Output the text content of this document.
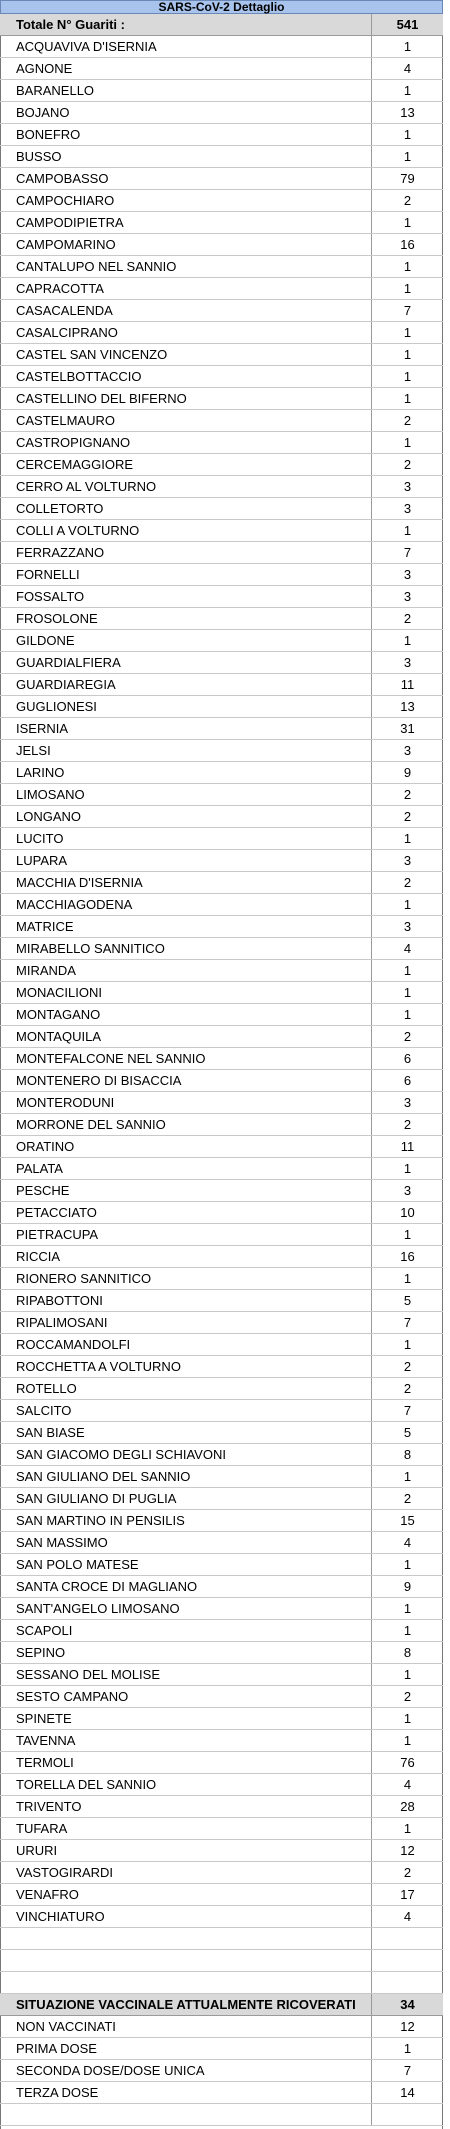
SARS-CoV-2 Dettaglio
Totale N° Guariti :	541
ACQUAVIVA D'ISERNIA	1
AGNONE	4
BARANELLO	1
BOJANO	13
BONEFRO	1
BUSSO	1
CAMPOBASSO	79
CAMPOCHIARO	2
CAMPODIPIETRA	1
CAMPOMARINO	16
CANTALUPO NEL SANNIO	1
CAPRACOTTA	1
CASACALENDA	7
CASALCIPRANO	1
CASTEL SAN VINCENZO	1
CASTELBOTTACCIO	1
CASTELLINO DEL BIFERNO	1
CASTELMAURO	2
CASTROPIGNANO	1
CERCEMAGGIORE	2
CERRO AL VOLTURNO	3
COLLETORTO	3
COLLI A VOLTURNO	1
FERRAZZANO	7
FORNELLI	3
FOSSALTO	3
FROSOLONE	2
GILDONE	1
GUARDIALFIERA	3
GUARDIAREGIA	11
GUGLIONESI	13
ISERNIA	31
JELSI	3
LARINO	9
LIMOSANO	2
LONGANO	2
LUCITO	1
LUPARA	3
MACCHIA D'ISERNIA	2
MACCHIAGODENA	1
MATRICE	3
MIRABELLO SANNITICO	4
MIRANDA	1
MONACILIONI	1
MONTAGANO	1
MONTAQUILA	2
MONTEFALCONE NEL SANNIO	6
MONTENERO DI BISACCIA	6
MONTERODUNI	3
MORRONE DEL SANNIO	2
ORATINO	11
PALATA	1
PESCHE	3
PETACCIATO	10
PIETRACUPA	1
RICCIA	16
RIONERO SANNITICO	1
RIPABOTTONI	5
RIPALIMOSANI	7
ROCCAMANDOLFI	1
ROCCHETTA A VOLTURNO	2
ROTELLO	2
SALCITO	7
SAN BIASE	5
SAN GIACOMO DEGLI SCHIAVONI	8
SAN GIULIANO DEL SANNIO	1
SAN GIULIANO DI PUGLIA	2
SAN MARTINO IN PENSILIS	15
SAN MASSIMO	4
SAN POLO MATESE	1
SANTA CROCE DI MAGLIANO	9
SANT'ANGELO LIMOSANO	1
SCAPOLI	1
SEPINO	8
SESSANO DEL MOLISE	1
SESTO CAMPANO	2
SPINETE	1
TAVENNA	1
TERMOLI	76
TORELLA DEL SANNIO	4
TRIVENTO	28
TUFARA	1
URURI	12
VASTOGIRARDI	2
VENAFRO	17
VINCHIATURO	4
SITUAZIONE VACCINALE ATTUALMENTE RICOVERATI	34
NON VACCINATI	12
PRIMA DOSE	1
SECONDA DOSE/DOSE UNICA	7
TERZA DOSE	14
